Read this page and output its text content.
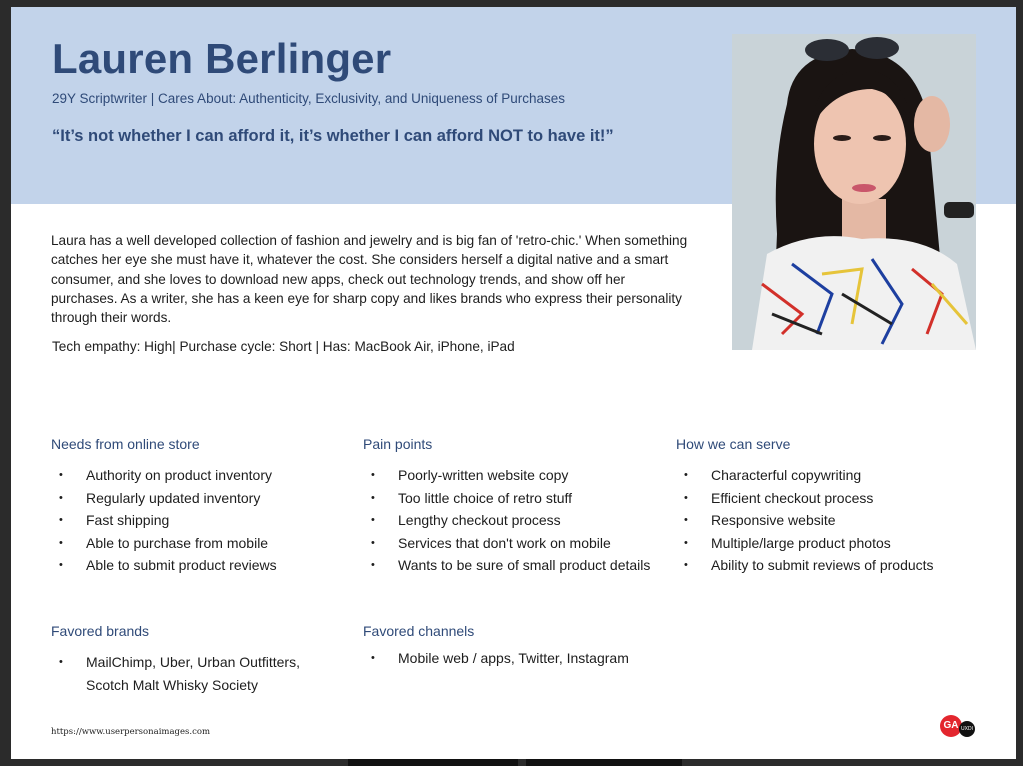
Lauren Berlinger
29Y Scriptwriter | Cares About: Authenticity, Exclusivity, and Uniqueness of Purchases
“It’s not whether I can afford it, it’s whether I can afford NOT to have it!”

Laura has a well developed collection of fashion and jewelry and is big fan of 'retro-chic.' When something catches her eye she must have it, whatever the cost. She considers herself a digital native and a smart consumer, and she loves to download new apps, check out technology trends, and show off her purchases. As a writer, she has a keen eye for sharp copy and likes brands who express their personality through their words.

Tech empathy: High| Purchase cycle: Short | Has: MacBook Air, iPhone, iPad
Needs from online store
• Authority on product inventory
• Regularly updated inventory
• Fast shipping
• Able to purchase from mobile
• Able to submit product reviews
Pain points
• Poorly-written website copy
• Too little choice of retro stuff
• Lengthy checkout process
• Services that don't work on mobile
• Wants to be sure of small product details
How we can serve
• Characterful copywriting
• Efficient checkout process
• Responsive website
• Multiple/large product photos
• Ability to submit reviews of products
Favored brands
• MailChimp, Uber, Urban Outfitters, Scotch Malt Whisky Society
Favored channels
• Mobile web / apps, Twitter, Instagram
https://www.userpersonaimages.com
GA UXDI
